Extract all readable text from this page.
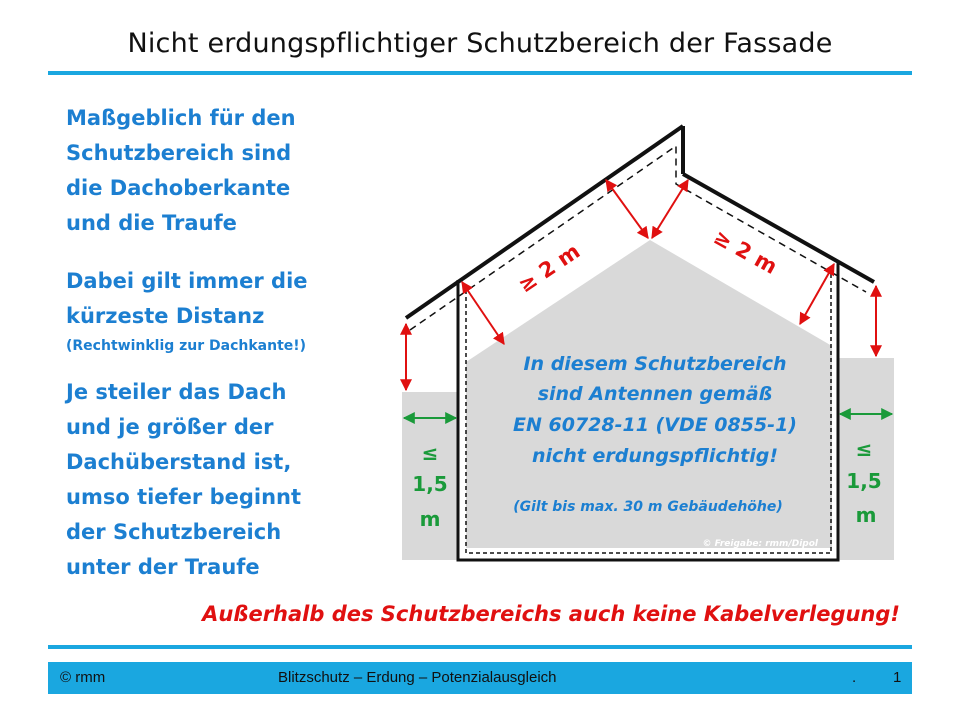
Nicht erdungspflichtiger Schutzbereich der Fassade
Maßgeblich für den
Schutzbereich sind
die Dachoberkante
und die Traufe
Dabei gilt immer die
kürzeste Distanz
(Rechtwinklig zur Dachkante!)
Je steiler das Dach
und je größer der
Dachüberstand ist,
umso tiefer beginnt
der Schutzbereich
unter der Traufe
≥ 2 m	≥ 2 m
In diesem Schutzbereich
sind Antennen gemäß
EN 60728-11 (VDE 0855-1)
nicht erdungspflichtig!
(Gilt bis max. 30 m Gebäudehöhe)
© Freigabe: rmm/Dipol
≤
1,5
m
≤
1,5
m
Außerhalb des Schutzbereichs auch keine Kabelverlegung!
© rmm	Blitzschutz – Erdung – Potenzialausgleich	. 1
